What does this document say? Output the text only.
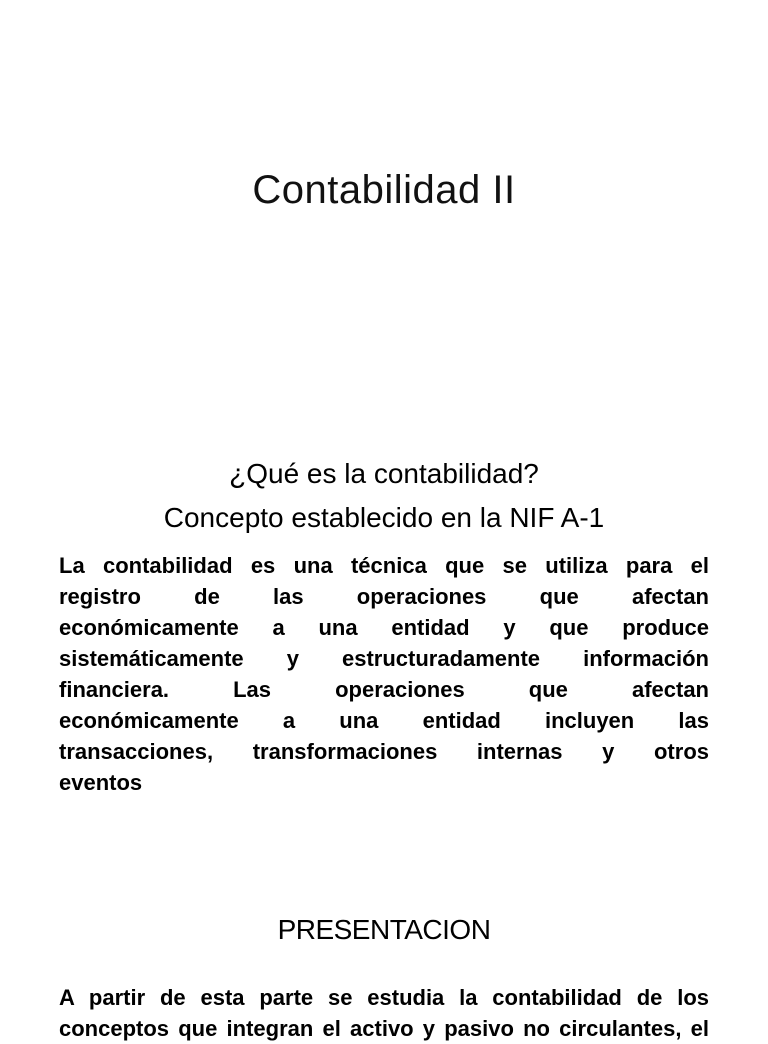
Contabilidad II
¿Qué es la contabilidad?
Concepto establecido en la NIF A-1
La contabilidad es una técnica que se utiliza para el
registro de las operaciones que afectan
económicamente a una entidad y que produce
sistemáticamente y estructuradamente información
financiera. Las operaciones que afectan
económicamente a una entidad incluyen las
transacciones, transformaciones internas y otros
eventos
PRESENTACION
A partir de esta parte se estudia la contabilidad de los
conceptos que integran el activo y pasivo no circulantes, el
